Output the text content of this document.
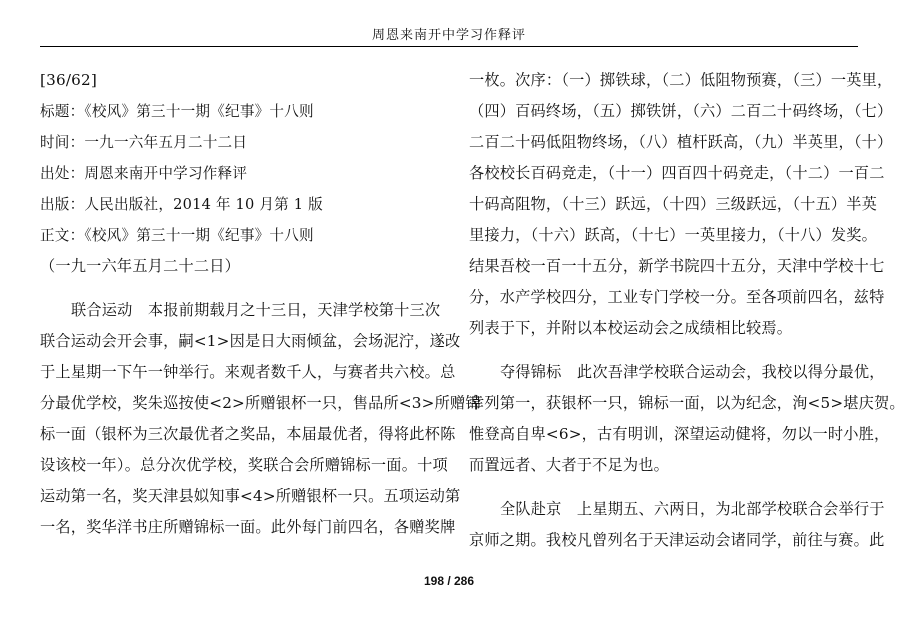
周恩来南开中学习作释评
[36/62]
标题：《校风》第三十一期《纪事》十八则
时间：一九一六年五月二十二日
出处：周恩来南开中学习作释评
出版：人民出版社，2014 年 10 月第 1 版
正文：《校风》第三十一期《纪事》十八则
（一九一六年五月二十二日）
联合运动　本报前期载月之十三日，天津学校第十三次
联合运动会开会事，嗣<1>因是日大雨倾盆，会场泥泞，遂改
于上星期一下午一钟举行。来观者数千人，与赛者共六校。总
分最优学校，奖朱巡按使<2>所赠银杯一只，售品所<3>所赠锦
标一面（银杯为三次最优者之奖品，本届最优者，得将此杯陈
设该校一年）。总分次优学校，奖联合会所赠锦标一面。十项
运动第一名，奖天津县姒知事<4>所赠银杯一只。五项运动第
一名，奖华洋书庄所赠锦标一面。此外每门前四名，各赠奖牌
一枚。次序：（一）掷铁球，（二）低阻物预赛，（三）一英里，
（四）百码终场，（五）掷铁饼，（六）二百二十码终场，（七）
二百二十码低阻物终场，（八）植杆跃高，（九）半英里，（十）
各校校长百码竞走，（十一）四百四十码竞走，（十二）一百二
十码高阻物，（十三）跃远，（十四）三级跃远，（十五）半英
里接力，（十六）跃高，（十七）一英里接力，（十八）发奖。
结果吾校一百一十五分，新学书院四十五分，天津中学校十七
分，水产学校四分，工业专门学校一分。至各项前四名，兹特
列表于下，并附以本校运动会之成绩相比较焉。
夺得锦标　此次吾津学校联合运动会，我校以得分最优，
幸列第一，获银杯一只，锦标一面，以为纪念，洵<5>堪庆贺。
惟登高自卑<6>，古有明训，深望运动健将，勿以一时小胜，
而置远者、大者于不足为也。
全队赴京　上星期五、六两日，为北部学校联合会举行于
京师之期。我校凡曾列名于天津运动会诸同学，前往与赛。此
198 / 286
